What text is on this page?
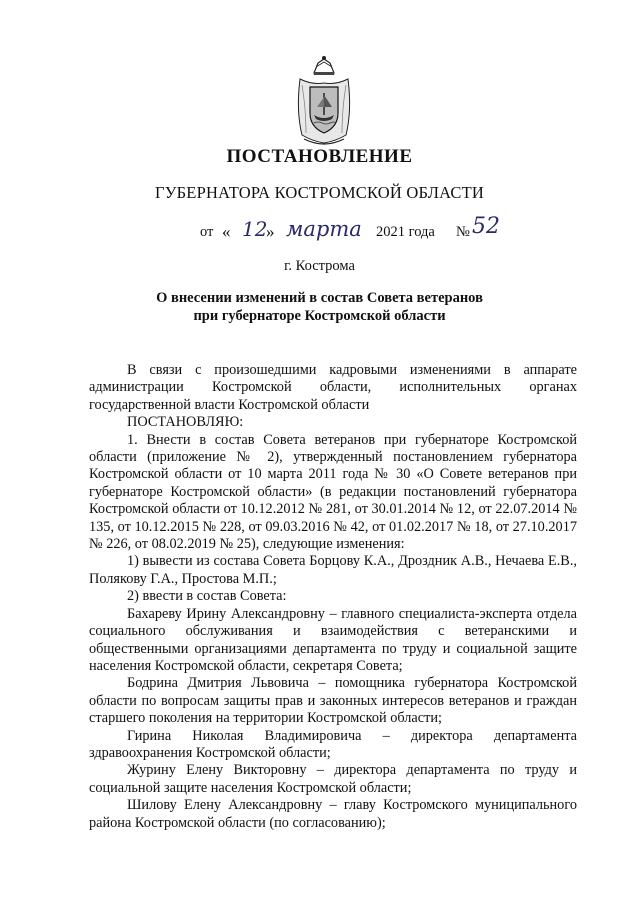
ПОСТАНОВЛЕНИЕ
ГУБЕРНАТОРА КОСТРОМСКОЙ ОБЛАСТИ
от « 12
» марта 2021 года № 52
г. Кострома
О внесении изменений в состав Совета ветеранов
при губернаторе Костромской области

В связи с произошедшими кадровыми изменениями в аппарате администрации Костромской области, исполнительных органах государственной власти Костромской области

ПОСТАНОВЛЯЮ:

1. Внести в состав Совета ветеранов при губернаторе Костромской области (приложение № 2), утвержденный постановлением губернатора Костромской области от 10 марта 2011 года № 30 «О Совете ветеранов при губернаторе Костромской области» (в редакции постановлений губернатора Костромской области от 10.12.2012 № 281, от 30.01.2014 № 12, от 22.07.2014 № 135, от 10.12.2015 № 228, от 09.03.2016 № 42, от 01.02.2017 № 18, от 27.10.2017 № 226, от 08.02.2019 № 25), следующие изменения:

1) вывести из состава Совета Борцову К.А., Дроздник А.В., Нечаева Е.В., Полякову Г.А., Простова М.П.;

2) ввести в состав Совета:

Бахареву Ирину Александровну – главного специалиста-эксперта отдела социального обслуживания и взаимодействия с ветеранскими и общественными организациями департамента по труду и социальной защите населения Костромской области, секретаря Совета;

Бодрина Дмитрия Львовича – помощника губернатора Костромской области по вопросам защиты прав и законных интересов ветеранов и граждан старшего поколения на территории Костромской области;

Гирина Николая Владимировича – директора департамента здравоохранения Костромской области;

Журину Елену Викторовну – директора департамента по труду и социальной защите населения Костромской области;

Шилову Елену Александровну – главу Костромского муниципального района Костромской области (по согласованию);
